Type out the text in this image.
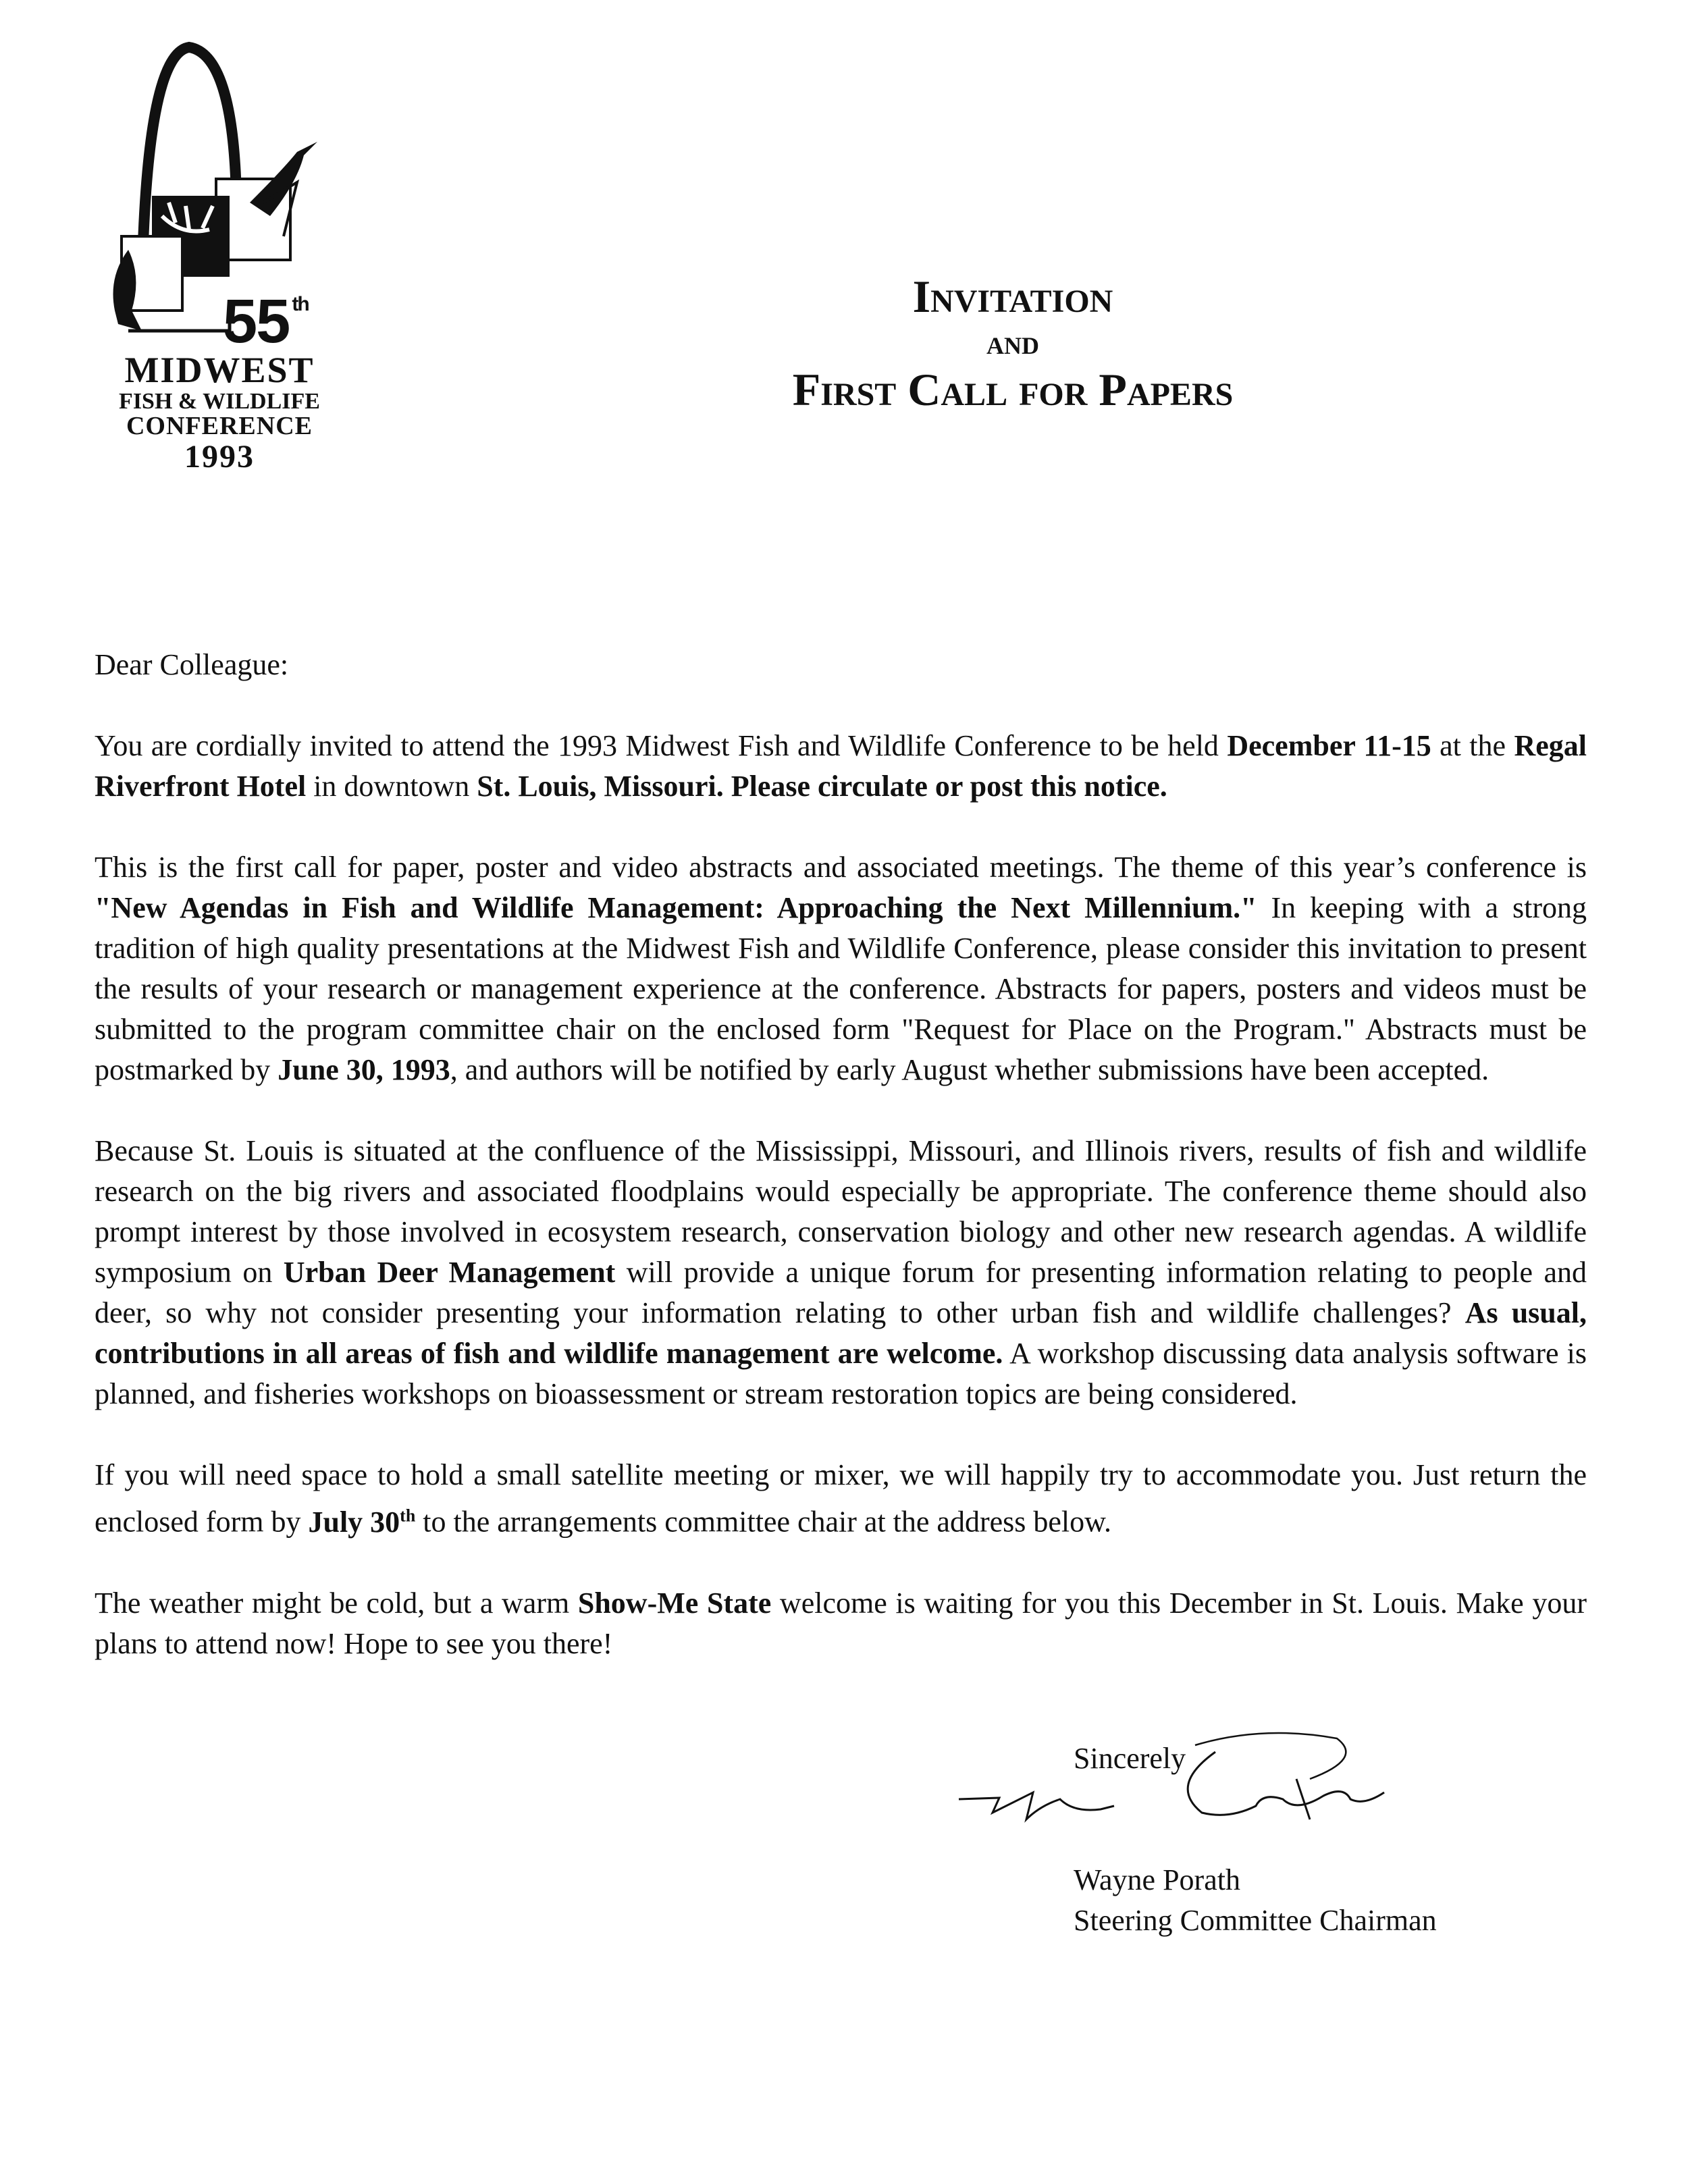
55 $^{th}$
MIDWEST
FISH & WILDLIFE
CONFERENCE
1993
Invitation
and
First Call for Papers

Dear Colleague:

You are cordially invited to attend the 1993 Midwest Fish and Wildlife Conference to be held December 11-15 at the Regal Riverfront Hotel in downtown St. Louis, Missouri. Please circulate or post this notice.

This is the first call for paper, poster and video abstracts and associated meetings. The theme of this year’s conference is "New Agendas in Fish and Wildlife Management: Approaching the Next Millennium." In keeping with a strong tradition of high quality presentations at the Midwest Fish and Wildlife Conference, please consider this invitation to present the results of your research or management experience at the conference. Abstracts for papers, posters and videos must be submitted to the program committee chair on the enclosed form "Request for Place on the Program." Abstracts must be postmarked by June 30, 1993, and authors will be notified by early August whether submissions have been accepted.

Because St. Louis is situated at the confluence of the Mississippi, Missouri, and Illinois rivers, results of fish and wildlife research on the big rivers and associated floodplains would especially be appropriate. The conference theme should also prompt interest by those involved in ecosystem research, conservation biology and other new research agendas. A wildlife symposium on Urban Deer Management will provide a unique forum for presenting information relating to people and deer, so why not consider presenting your information relating to other urban fish and wildlife challenges? As usual, contributions in all areas of fish and wildlife management are welcome. A workshop discussing data analysis software is planned, and fisheries workshops on bioassessment or stream restoration topics are being considered.

If you will need space to hold a small satellite meeting or mixer, we will happily try to accommodate you. Just return the enclosed form by July 30th to the arrangements committee chair at the address below.

The weather might be cold, but a warm Show-Me State welcome is waiting for you this December in St. Louis. Make your plans to attend now! Hope to see you there!

Sincerely
Wayne Porath
Steering Committee Chairman
